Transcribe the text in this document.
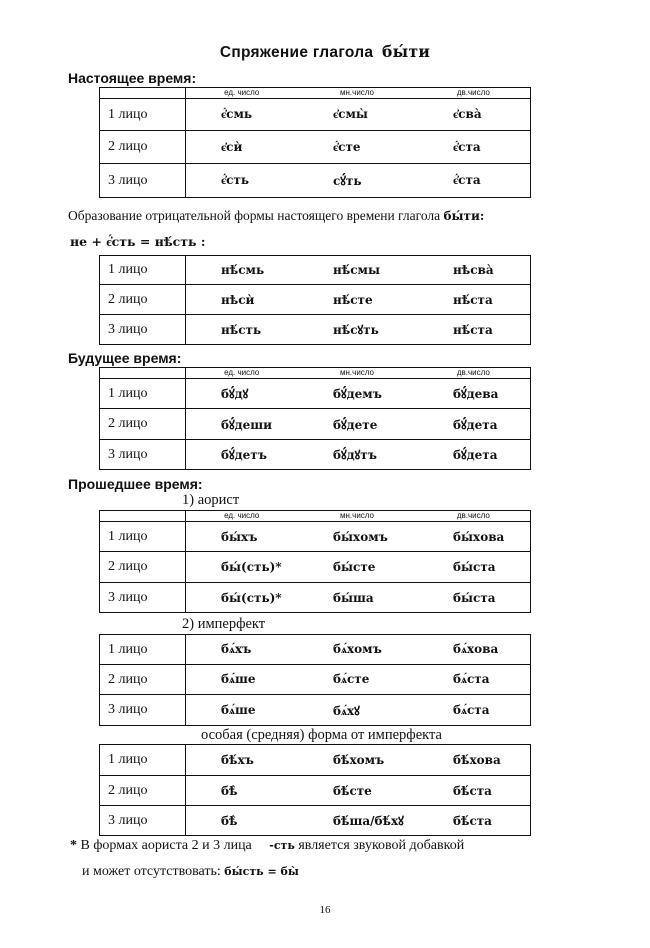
Спряжение глагола бы́ти
Настоящее время:

	ед. число мн.число дв.число

1 лицо	є҆́смь є҆смы̀ є҆сва̀

2 лицо	є҆сѝ є҆́сте є҆́ста

3 лицо	є҆́сть сꙋ́ть є҆́ста
Образование отрицательной формы настоящего времени глагола бы́ти:
не + є҆́сть = нѣ́сть :
1 лицо	нѣ́смь нѣ́смы нѣсва̀

2 лицо	нѣсѝ нѣ́сте нѣ́ста

3 лицо	нѣ́сть нѣ́сꙋть нѣ́ста
Будущее время:

	ед. число мн.число дв.число

1 лицо	бꙋ́дꙋ бꙋ́демъ бꙋ́дева

2 лицо	бꙋ́деши бꙋ́дете бꙋ́дета

3 лицо	бꙋ́детъ бꙋ́дꙋтъ бꙋ́дета
Прошедшее время:
1) аорист

	ед. число мн.число дв.число

1 лицо	бы́хъ бы́хомъ бы́хова

2 лицо	бы́(сть)* бы́сте бы́ста

3 лицо	бы́(сть)* бы́ша бы́ста
2) имперфект
1 лицо	бѧ́хъ бѧ́хомъ бѧ́хова

2 лицо	бѧ́ше бѧ́сте бѧ́ста

3 лицо	бѧ́ше бѧ́хꙋ бѧ́ста
особая (средняя) форма от имперфекта
1 лицо	бѣ́хъ бѣ́хомъ бѣ́хова

2 лицо	бѣ̀ бѣ́сте бѣ́ста

3 лицо	бѣ̀ бѣ́ша/бѣ́хꙋ бѣ́ста
* В формах аориста 2 и 3 лица -сть является звуковой добавкой
и может отсутствовать: бы́сть = бы̀
16
